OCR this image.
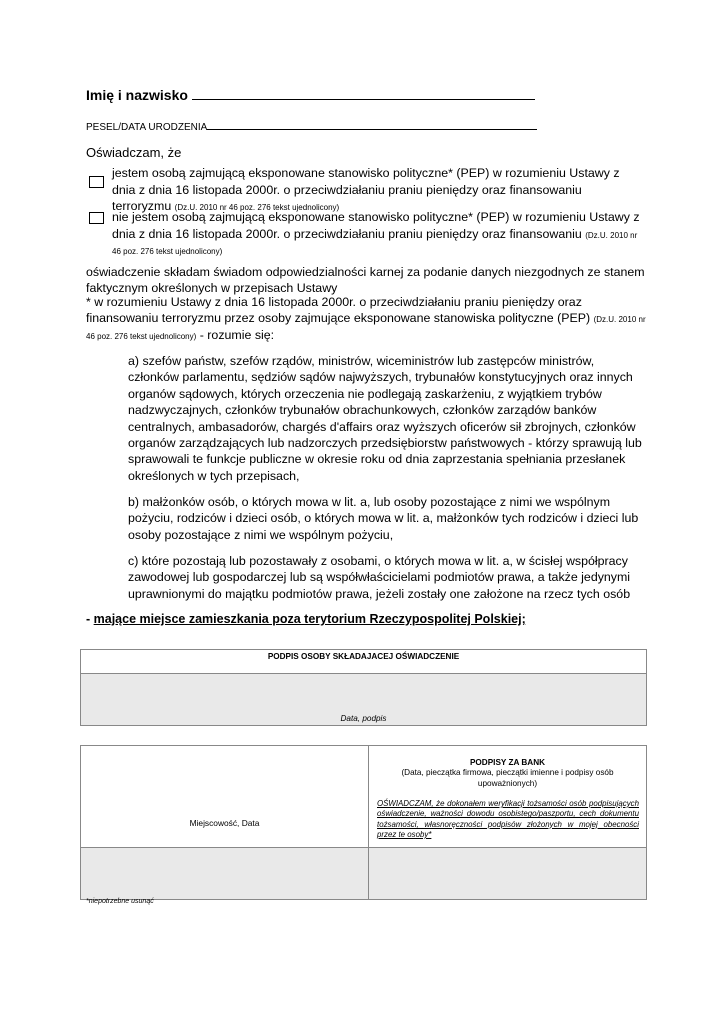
Imię i nazwisko
PESEL/DATA URODZENIA
Oświadczam, że
jestem osobą zajmującą eksponowane stanowisko polityczne* (PEP) w rozumieniu Ustawy z dnia z dnia 16 listopada 2000r. o przeciwdziałaniu praniu pieniędzy oraz finansowaniu terroryzmu (Dz.U. 2010 nr 46 poz. 276 tekst ujednolicony)
nie jestem osobą zajmującą eksponowane stanowisko polityczne* (PEP) w rozumieniu Ustawy z dnia z dnia 16 listopada 2000r. o przeciwdziałaniu praniu pieniędzy oraz finansowaniu (Dz.U. 2010 nr 46 poz. 276 tekst ujednolicony)
oświadczenie składam świadom odpowiedzialności karnej za podanie danych niezgodnych ze stanem faktycznym określonych w przepisach Ustawy
* w rozumieniu Ustawy z dnia 16 listopada 2000r. o przeciwdziałaniu praniu pieniędzy oraz finansowaniu terroryzmu przez osoby zajmujące eksponowane stanowiska polityczne (PEP) (Dz.U. 2010 nr 46 poz. 276 tekst ujednolicony) - rozumie się:
a) szefów państw, szefów rządów, ministrów, wiceministrów lub zastępców ministrów, członków parlamentu, sędziów sądów najwyższych, trybunałów konstytucyjnych oraz innych organów sądowych, których orzeczenia nie podlegają zaskarżeniu, z wyjątkiem trybów nadzwyczajnych, członków trybunałów obrachunkowych, członków zarządów banków centralnych, ambasadorów, chargés d'affairs oraz wyższych oficerów sił zbrojnych, członków organów zarządzających lub nadzorczych przedsiębiorstw państwowych - którzy sprawują lub sprawowali te funkcje publiczne w okresie roku od dnia zaprzestania spełniania przesłanek określonych w tych przepisach,
b) małżonków osób, o których mowa w lit. a, lub osoby pozostające z nimi we wspólnym pożyciu, rodziców i dzieci osób, o których mowa w lit. a, małżonków tych rodziców i dzieci lub osoby pozostające z nimi we wspólnym pożyciu,
c) które pozostają lub pozostawały z osobami, o których mowa w lit. a, w ścisłej współpracy zawodowej lub gospodarczej lub są współwłaścicielami podmiotów prawa, a także jedynymi uprawnionymi do majątku podmiotów prawa, jeżeli zostały one założone na rzecz tych osób
- mające miejsce zamieszkania poza terytorium Rzeczypospolitej Polskiej;
PODPIS OSOBY SKŁADAJACEJ OŚWIADCZENIE
Data, podpis
Miejscowość, Data
PODPISY ZA BANK
(Data, pieczątka firmowa, pieczątki imienne i podpisy osób upoważnionych)
OŚWIADCZAM, że dokonałem weryfikacji tożsamości osób podpisujących oświadczenie, ważności dowodu osobistego/paszportu, cech dokumentu tożsamości, własnoręczności podpisów złożonych w mojej obecności przez te osoby*
*niepotrzebne usunąć
